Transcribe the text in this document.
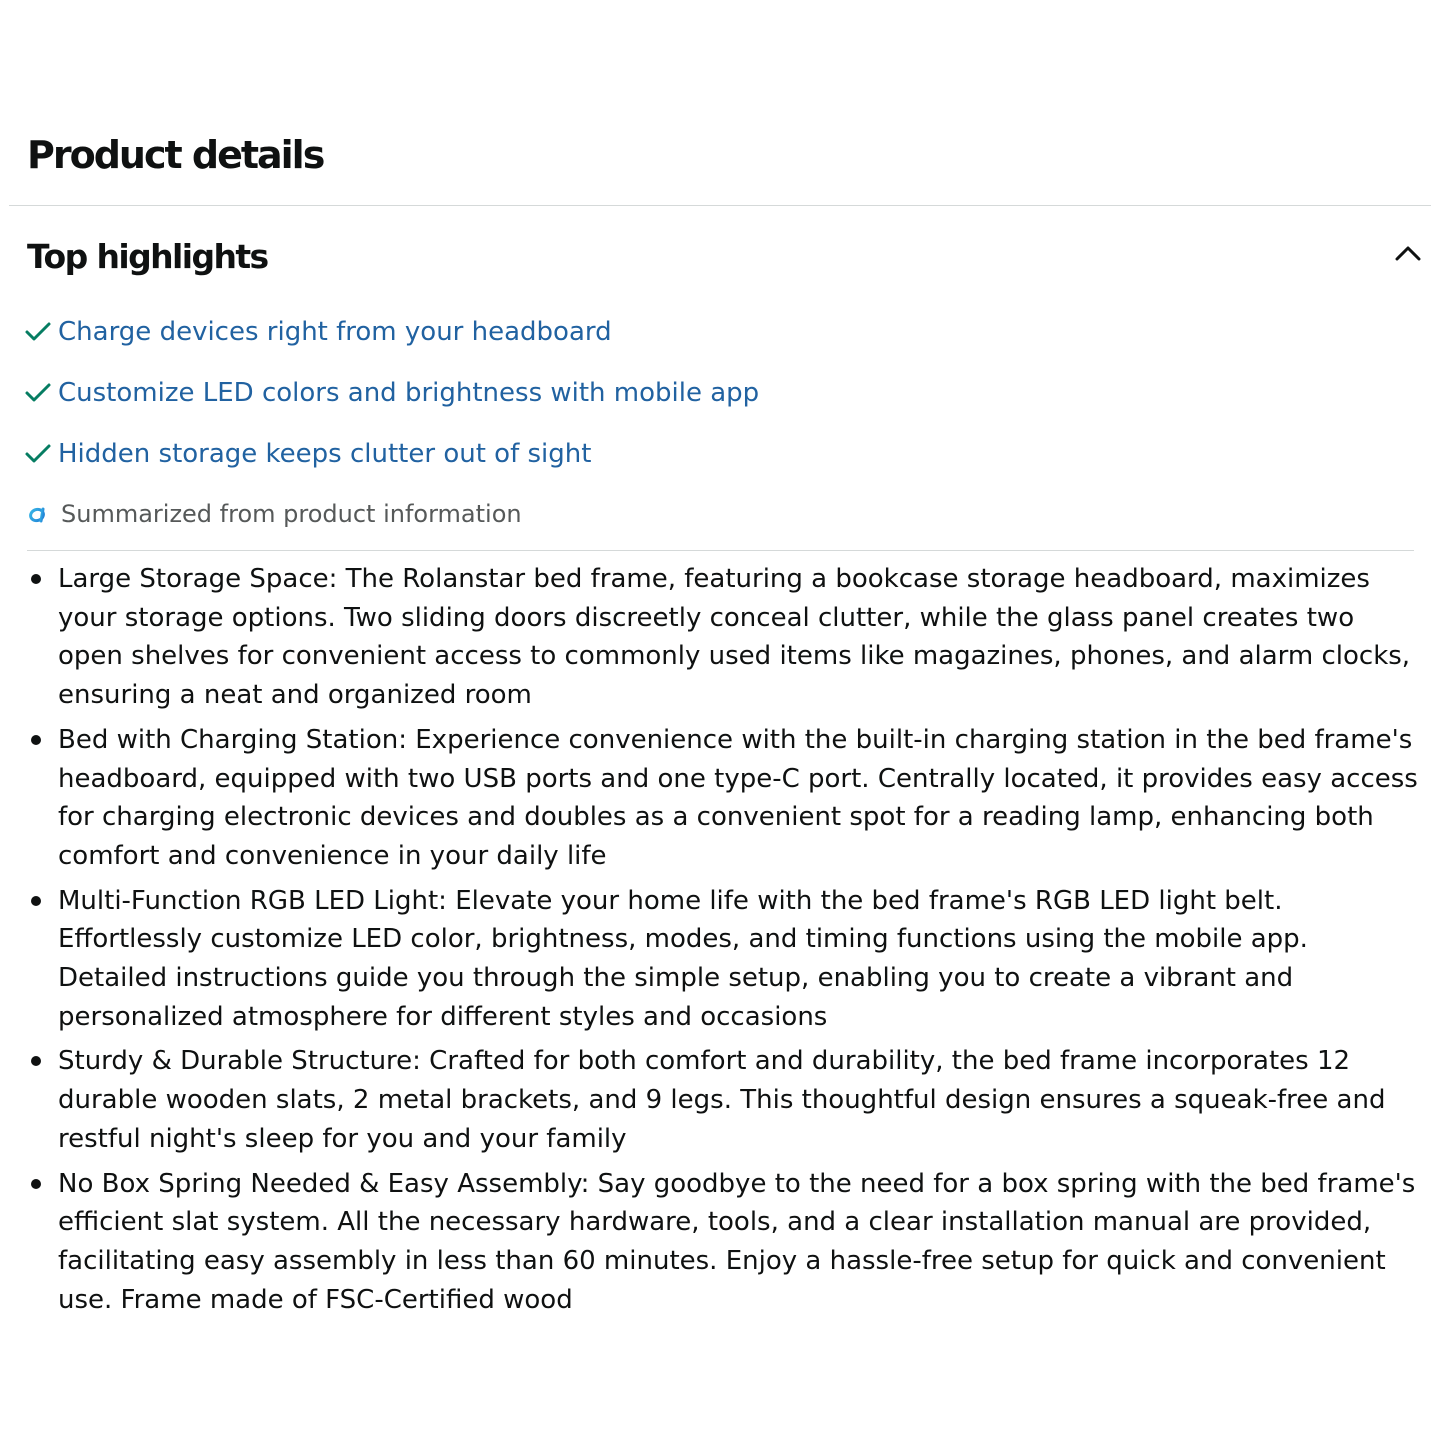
Product details
Top highlights
Charge devices right from your headboard
Customize LED colors and brightness with mobile app
Hidden storage keeps clutter out of sight
Summarized from product information
Large Storage Space: The Rolanstar bed frame, featuring a bookcase storage headboard, maximizes your storage options. Two sliding doors discreetly conceal clutter, while the glass panel creates two open shelves for convenient access to commonly used items like magazines, phones, and alarm clocks, ensuring a neat and organized room
Bed with Charging Station: Experience convenience with the built-in charging station in the bed frame's headboard, equipped with two USB ports and one type-C port. Centrally located, it provides easy access for charging electronic devices and doubles as a convenient spot for a reading lamp, enhancing both comfort and convenience in your daily life
Multi-Function RGB LED Light: Elevate your home life with the bed frame's RGB LED light belt. Effortlessly customize LED color, brightness, modes, and timing functions using the mobile app. Detailed instructions guide you through the simple setup, enabling you to create a vibrant and personalized atmosphere for different styles and occasions
Sturdy & Durable Structure: Crafted for both comfort and durability, the bed frame incorporates 12 durable wooden slats, 2 metal brackets, and 9 legs. This thoughtful design ensures a squeak-free and restful night's sleep for you and your family
No Box Spring Needed & Easy Assembly: Say goodbye to the need for a box spring with the bed frame's efficient slat system. All the necessary hardware, tools, and a clear installation manual are provided, facilitating easy assembly in less than 60 minutes. Enjoy a hassle-free setup for quick and convenient use. Frame made of FSC-Certified wood
